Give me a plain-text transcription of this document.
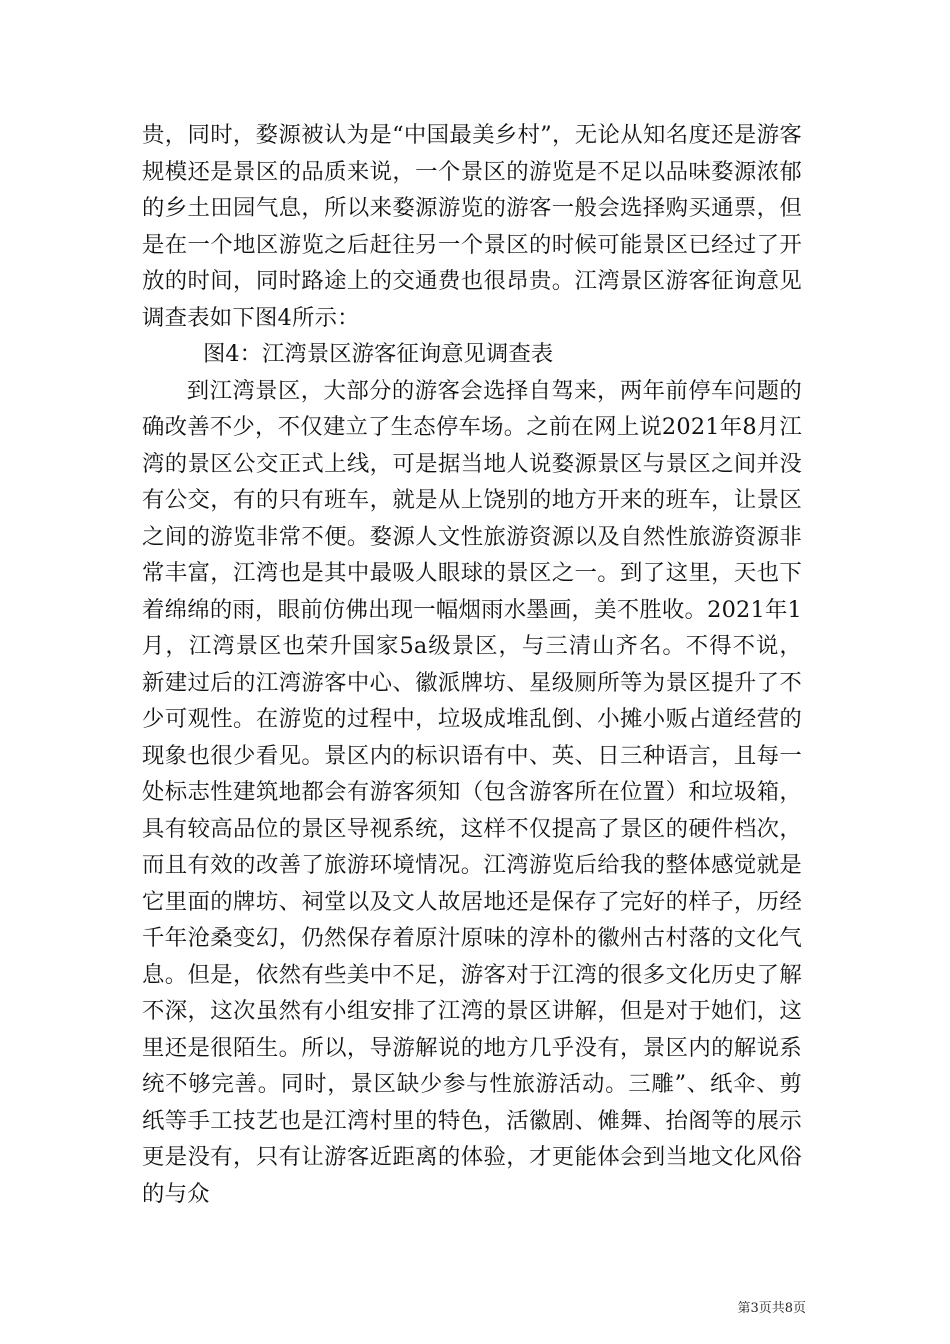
贵，同时，婺源被认为是“中国最美乡村”，无论从知名度还是游客规模还是景区的品质来说，一个景区的游览是不足以品味婺源浓郁的乡土田园气息，所以来婺源游览的游客一般会选择购买通票，但是在一个地区游览之后赶往另一个景区的时候可能景区已经过了开放的时间，同时路途上的交通费也很昂贵。江湾景区游客征询意见调查表如下图4所示：

图4：江湾景区游客征询意见调查表

到江湾景区，大部分的游客会选择自驾来，两年前停车问题的确改善不少，不仅建立了生态停车场。之前在网上说2021年8月江湾的景区公交正式上线，可是据当地人说婺源景区与景区之间并没有公交，有的只有班车，就是从上饶别的地方开来的班车，让景区之间的游览非常不便。婺源人文性旅游资源以及自然性旅游资源非常丰富，江湾也是其中最吸人眼球的景区之一。到了这里，天也下着绵绵的雨，眼前仿佛出现一幅烟雨水墨画，美不胜收。2021年1月，江湾景区也荣升国家5a级景区，与三清山齐名。不得不说，新建过后的江湾游客中心、徽派牌坊、星级厕所等为景区提升了不少可观性。在游览的过程中，垃圾成堆乱倒、小摊小贩占道经营的现象也很少看见。景区内的标识语有中、英、日三种语言，且每一处标志性建筑地都会有游客须知（包含游客所在位置）和垃圾箱，具有较高品位的景区导视系统，这样不仅提高了景区的硬件档次，而且有效的改善了旅游环境情况。江湾游览后给我的整体感觉就是它里面的牌坊、祠堂以及文人故居地还是保存了完好的样子，历经千年沧桑变幻，仍然保存着原汁原味的淳朴的徽州古村落的文化气息。但是，依然有些美中不足，游客对于江湾的很多文化历史了解不深，这次虽然有小组安排了江湾的景区讲解，但是对于她们，这里还是很陌生。所以，导游解说的地方几乎没有，景区内的解说系统不够完善。同时，景区缺少参与性旅游活动。三雕”、纸伞、剪纸等手工技艺也是江湾村里的特色，活徽剧、傩舞、抬阁等的展示更是没有，只有让游客近距离的体验，才更能体会到当地文化风俗的与众

第3页共8页
